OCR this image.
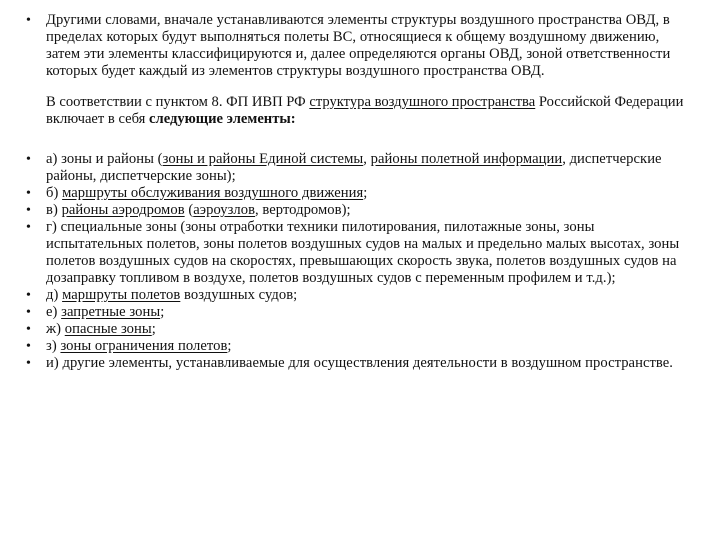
•	Другими словами, вначале устанавливаются элементы структуры воздушного пространства ОВД, в пределах которых будут выполняться полеты ВС, относящиеся к общему воздушному движению, затем эти элементы классифицируются и, далее определяются органы ОВД, зоной ответственности которых будет каждый из элементов структуры воздушного пространства ОВД.
В соответствии с пунктом 8. ФП ИВП РФ структура воздушного пространства Российской Федерации включает в себя следующие элементы:
•	а) зоны и районы (зоны и районы Единой системы, районы полетной информации, диспетчерские районы, диспетчерские зоны);
•	б) маршруты обслуживания воздушного движения;
•	в) районы аэродромов (аэроузлов, вертодромов);
•	г) специальные зоны (зоны отработки техники пилотирования, пилотажные зоны, зоны испытательных полетов, зоны полетов воздушных судов на малых и предельно малых высотах, зоны полетов воздушных судов на скоростях, превышающих скорость звука, полетов воздушных судов на дозаправку топливом в воздухе, полетов воздушных судов с переменным профилем и т.д.);
•	д) маршруты полетов воздушных судов;
•	е) запретные зоны;
•	ж) опасные зоны;
•	з) зоны ограничения полетов;
•	и) другие элементы, устанавливаемые для осуществления деятельности в воздушном пространстве.
